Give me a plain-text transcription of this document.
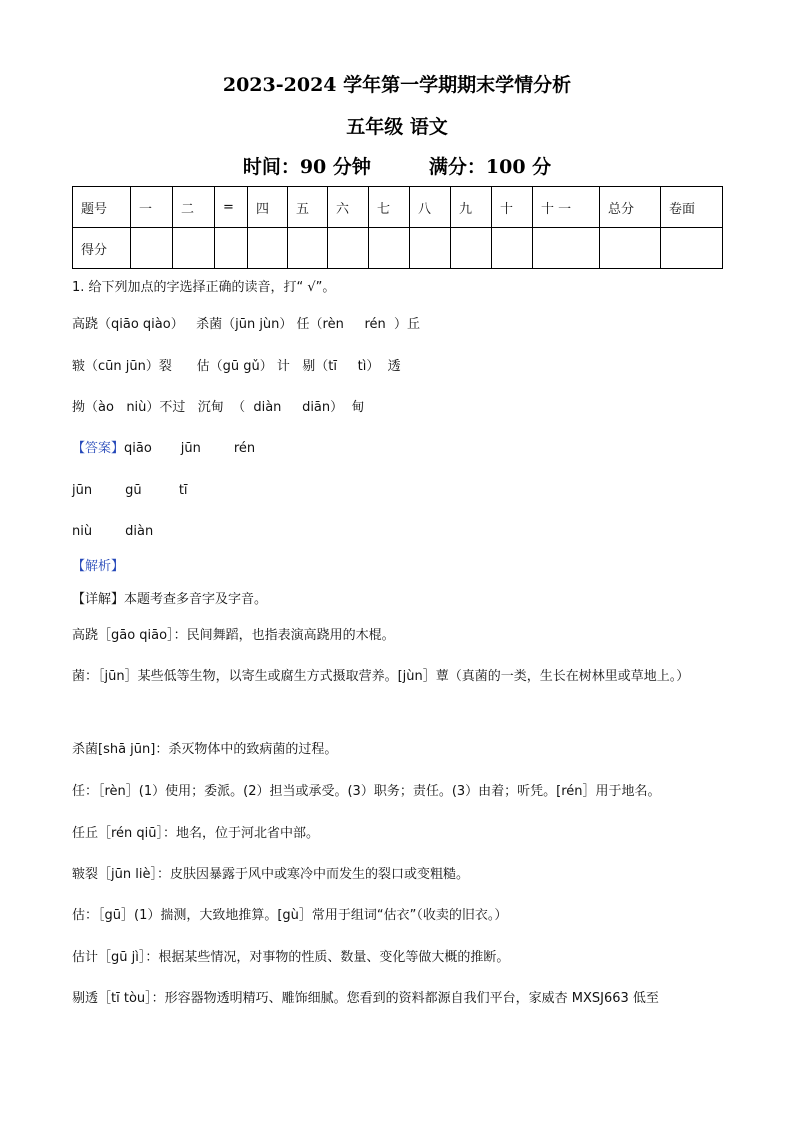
2023-2024 学年第一学期期末学情分析
五年级 语文
时间：90 分钟	满分：100 分
题号	一	二	=	四	五	六	七	八	九	十	十 一	总分	卷面
得分													
1. 给下列加点的字选择正确的读音，打“ √”。
高跷（qiāo qiào）   杀菌（jūn jùn） 任（rèn     rén  ）丘
皲（cūn jūn）裂      估（gū gǔ） 计   剔（tī     tì）  透
拗（ào   niù）不过   沉甸  （  diàn     diān）  甸
【答案】qiāo       jūn        rén
jūn        gū         tī
niù        diàn
【解析】
【详解】本题考查多音字及字音。
高跷［gāo qiāo］：民间舞蹈，也指表演高跷用的木棍。
菌：［jūn］某些低等生物，以寄生或腐生方式摄取营养。[jùn］蕈（真菌的一类，生长在树林里或草地上。）
杀菌[shā jūn]：杀灭物体中的致病菌的过程。
任：［rèn］(1）使用；委派。(2）担当或承受。(3）职务；责任。(3）由着；听凭。[rén］用于地名。
任丘［rén qiū］：地名，位于河北省中部。
皲裂［jūn liè］：皮肤因暴露于风中或寒冷中而发生的裂口或变粗糙。
估：［gū］(1）揣测，大致地推算。[gù］常用于组词“估衣”（收卖的旧衣。）
估计［gū jì］：根据某些情况，对事物的性质、数量、变化等做大概的推断。
剔透［tī tòu］：形容器物透明精巧、雕饰细腻。您看到的资料都源自我们平台，家威杏 MXSJ663 低至
